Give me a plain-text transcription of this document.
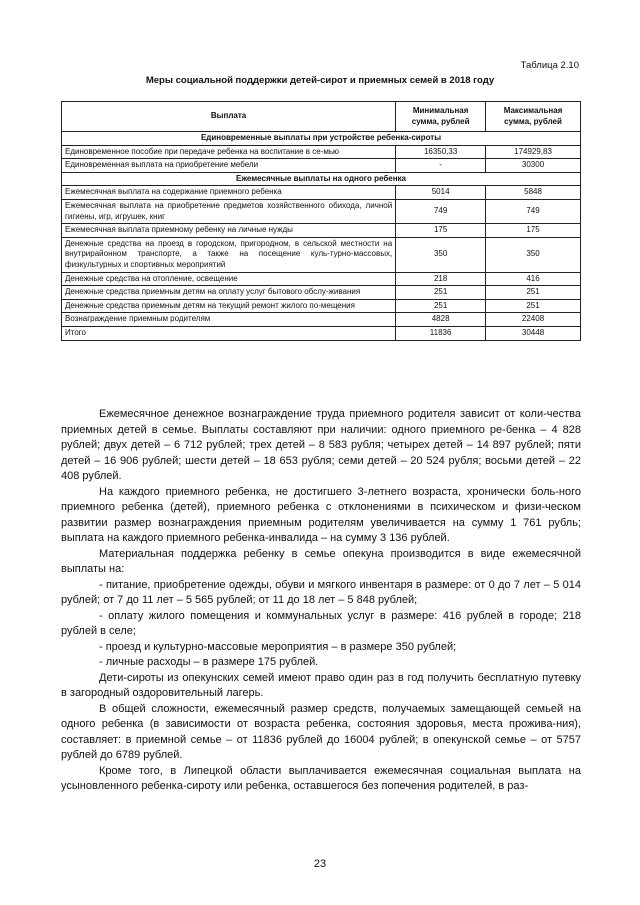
Таблица 2.10
Меры социальной поддержки детей-сирот и приемных семей в 2018 году
Выплата	Минимальная сумма, рублей	Максимальная сумма, рублей
Единовременные выплаты при устройстве ребенка-сироты		
Единовременное пособие при передаче ребенка на воспитание в се-мью	16350,33	174929,83
Единовременная выплата на приобретение мебели	-	30300
Ежемесячные выплаты на одного ребенка		
Ежемесячная выплата на содержание приемного ребенка	5014	5848
Ежемесячная выплата на приобретение предметов хозяйственного обихода, личной гигиены, игр, игрушек, книг	749	749
Ежемесячная выплата приемному ребенку на личные нужды	175	175
Денежные средства на проезд в городском, пригородном, в сельской местности на внутрирайонном транспорте, а также на посещение куль-турно-массовых, физкультурных и спортивных мероприятий	350	350
Денежные средства на отопление, освещение	218	416
Денежные средства приемным детям на оплату услуг бытового обслу-живания	251	251
Денежные средства приемным детям на текущий ремонт жилого по-мещения	251	251
Вознаграждение приемным родителям	4828	22408
Итого	11836	30448

Ежемесячное денежное вознаграждение труда приемного родителя зависит от коли-чества приемных детей в семье. Выплаты составляют при наличии: одного приемного ре-бенка – 4 828 рублей; двух детей – 6 712 рублей; трех детей – 8 583 рубля; четырех детей – 14 897 рублей; пяти детей – 16 906 рублей; шести детей – 18 653 рубля; семи детей – 20 524 рубля; восьми детей – 22 408 рублей.

На каждого приемного ребенка, не достигшего 3-летнего возраста, хронически боль-ного приемного ребенка (детей), приемного ребенка с отклонениями в психическом и физи-ческом развитии размер вознаграждения приемным родителям увеличивается на сумму 1 761 рубль; выплата на каждого приемного ребенка-инвалида – на сумму 3 136 рублей.

Материальная поддержка ребенку в семье опекуна производится в виде ежемесячной выплаты на:

- питание, приобретение одежды, обуви и мягкого инвентаря в размере: от 0 до 7 лет – 5 014 рублей; от 7 до 11 лет – 5 565 рублей; от 11 до 18 лет – 5 848 рублей;

- оплату жилого помещения и коммунальных услуг в размере: 416 рублей в городе; 218 рублей в селе;

- проезд и культурно-массовые мероприятия – в размере 350 рублей;

- личные расходы – в размере 175 рублей.

Дети-сироты из опекунских семей имеют право один раз в год получить бесплатную путевку в загородный оздоровительный лагерь.

В общей сложности, ежемесячный размер средств, получаемых замещающей семьей на одного ребенка (в зависимости от возраста ребенка, состояния здоровья, места прожива-ния), составляет: в приемной семье – от 11836 рублей до 16004 рублей; в опекунской семье – от 5757 рублей до 6789 рублей.

Кроме того, в Липецкой области выплачивается ежемесячная социальная выплата на усыновленного ребенка-сироту или ребенка, оставшегося без попечения родителей, в раз-

23
